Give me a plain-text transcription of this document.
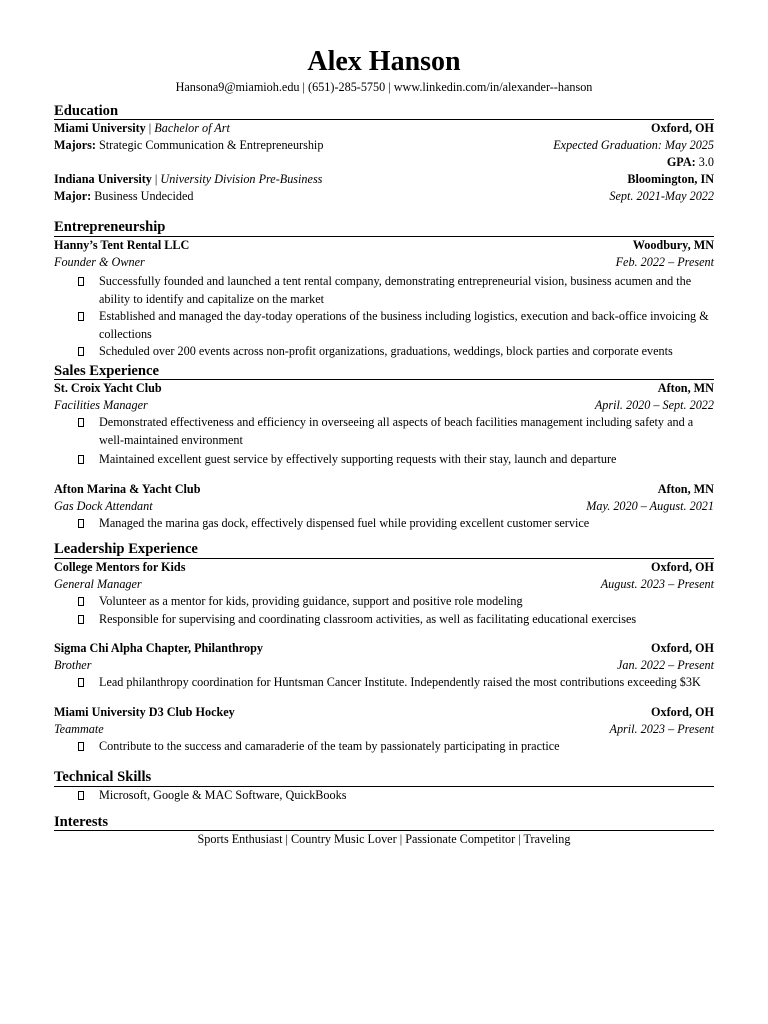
Alex Hanson
Hansona9@miamioh.edu | (651)-285-5750 | www.linkedin.com/in/alexander--hanson
Education
Miami University | Bachelor of Art	Oxford, OH
Majors: Strategic Communication & Entrepreneurship	Expected Graduation: May 2025
GPA: 3.0
Indiana University | University Division Pre-Business	Bloomington, IN
Major: Business Undecided	Sept. 2021-May 2022
Entrepreneurship
Hanny’s Tent Rental LLC	Woodbury, MN
Founder & Owner	Feb. 2022 – Present
Successfully founded and launched a tent rental company, demonstrating entrepreneurial vision, business acumen and the ability to identify and capitalize on the market
Established and managed the day-today operations of the business including logistics, execution and back-office invoicing & collections
Scheduled over 200 events across non-profit organizations, graduations, weddings, block parties and corporate events
Sales Experience
St. Croix Yacht Club	Afton, MN
Facilities Manager	April. 2020 – Sept. 2022
Demonstrated effectiveness and efficiency in overseeing all aspects of beach facilities management including safety and a well-maintained environment
Maintained excellent guest service by effectively supporting requests with their stay, launch and departure
Afton Marina & Yacht Club	Afton, MN
Gas Dock Attendant	May. 2020 – August. 2021
Managed the marina gas dock, effectively dispensed fuel while providing excellent customer service
Leadership Experience
College Mentors for Kids	Oxford, OH
General Manager	August. 2023 – Present
Volunteer as a mentor for kids, providing guidance, support and positive role modeling
Responsible for supervising and coordinating classroom activities, as well as facilitating educational exercises
Sigma Chi Alpha Chapter, Philanthropy	Oxford, OH
Brother	Jan. 2022 – Present
Lead philanthropy coordination for Huntsman Cancer Institute. Independently raised the most contributions exceeding $3K
Miami University D3 Club Hockey	Oxford, OH
Teammate	April. 2023 – Present
Contribute to the success and camaraderie of the team by passionately participating in practice
Technical Skills
Microsoft, Google & MAC Software, QuickBooks
Interests
Sports Enthusiast | Country Music Lover | Passionate Competitor | Traveling
